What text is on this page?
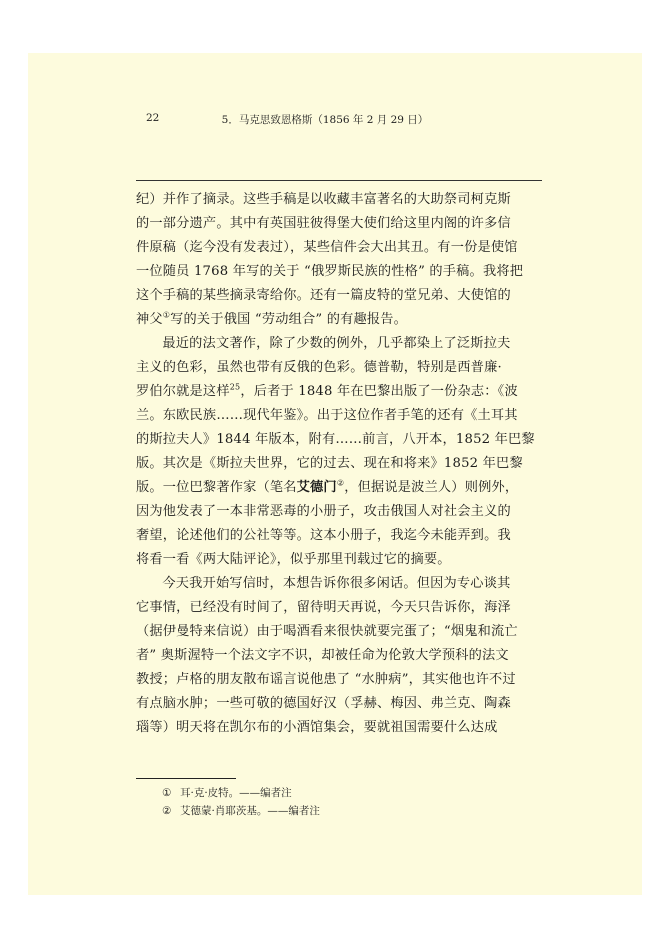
22	5．马克思致恩格斯（1856 年 2 月 29 日）

纪）并作了摘录。这些手稿是以收藏丰富著名的大助祭司柯克斯
的一部分遗产。其中有英国驻彼得堡大使们给这里内阁的许多信
件原稿（迄今没有发表过），某些信件会大出其丑。有一份是使馆
一位随员 1768 年写的关于 “俄罗斯民族的性格” 的手稿。我将把
这个手稿的某些摘录寄给你。还有一篇皮特的堂兄弟、大使馆的
神父①写的关于俄国 “劳动组合” 的有趣报告。

最近的法文著作，除了少数的例外，几乎都染上了泛斯拉夫
主义的色彩，虽然也带有反俄的色彩。德普勒，特别是西普廉·
罗伯尔就是这样$^{25}$，后者于 1848 年在巴黎出版了一份杂志：《波
兰。东欧民族……现代年鉴》。出于这位作者手笔的还有《土耳其
的斯拉夫人》1844 年版本，附有……前言，八开本，1852 年巴黎
版。其次是《斯拉夫世界，它的过去、现在和将来》1852 年巴黎
版。一位巴黎著作家（笔名艾德门②，但据说是波兰人）则例外，
因为他发表了一本非常恶毒的小册子，攻击俄国人对社会主义的
奢望，论述他们的公社等等。这本小册子，我迄今未能弄到。我
将看一看《两大陆评论》，似乎那里刊载过它的摘要。

今天我开始写信时，本想告诉你很多闲话。但因为专心谈其
它事情，已经没有时间了，留待明天再说，今天只告诉你，海泽
（据伊曼特来信说）由于喝酒看来很快就要完蛋了；“烟鬼和流亡
者” 奥斯渥特一个法文字不识，却被任命为伦敦大学预科的法文
教授；卢格的朋友散布谣言说他患了 “水肿病”，其实他也许不过
有点脑水肿；一些可敬的德国好汉（孚赫、梅因、弗兰克、陶森
瑙等）明天将在凯尔布的小酒馆集会，要就祖国需要什么达成

① 耳·克·皮特。——编者注
② 艾德蒙·肖耶茨基。——编者注
